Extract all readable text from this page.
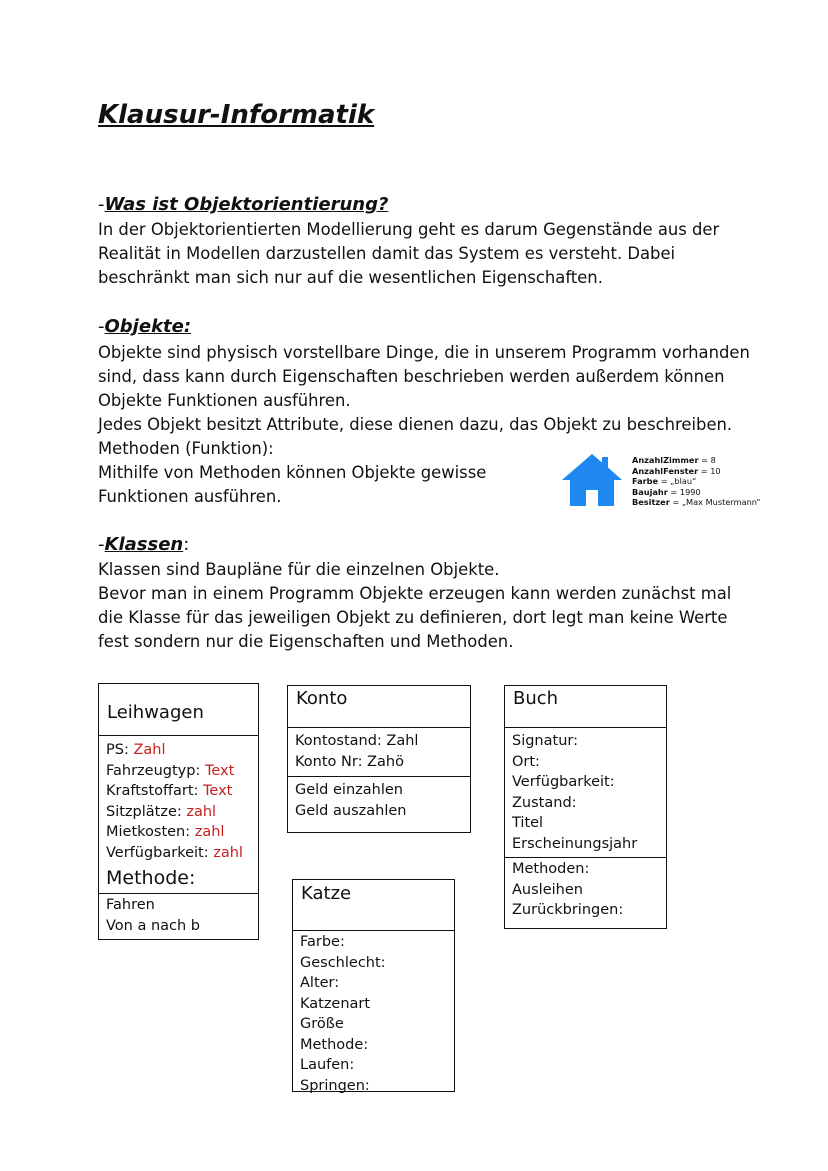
Klausur-Informatik

-Was ist Objektorientierung?

In der Objektorientierten Modellierung geht es darum Gegenstände aus der
Realität in Modellen darzustellen damit das System es versteht. Dabei
beschränkt man sich nur auf die wesentlichen Eigenschaften.

-Objekte:

Objekte sind physisch vorstellbare Dinge, die in unserem Programm vorhanden
sind, dass kann durch Eigenschaften beschrieben werden außerdem können
Objekte Funktionen ausführen.
Jedes Objekt besitzt Attribute, diese dienen dazu, das Objekt zu beschreiben.
Methoden (Funktion):
Mithilfe von Methoden können Objekte gewisse
Funktionen ausführen.
AnzahlZimmer = 8
AnzahlFenster = 10
Farbe = „blau“
Baujahr = 1990
Besitzer = „Max Mustermann“

-Klassen:

Klassen sind Baupläne für die einzelnen Objekte.
Bevor man in einem Programm Objekte erzeugen kann werden zunächst mal
die Klasse für das jeweiligen Objekt zu definieren, dort legt man keine Werte
fest sondern nur die Eigenschaften und Methoden.
Leihwagen
PS: Zahl
Fahrzeugtyp: Text
Kraftstoffart: Text
Sitzplätze: zahl
Mietkosten: zahl
Verfügbarkeit: zahl
Methode:
Fahren
Von a nach b
Konto
Kontostand: Zahl
Konto Nr: Zahö
Geld einzahlen
Geld auszahlen
Buch
Signatur:
Ort:
Verfügbarkeit:
Zustand:
Titel
Erscheinungsjahr
Methoden:
Ausleihen
Zurückbringen:
Katze
Farbe:
Geschlecht:
Alter:
Katzenart
Größe
Methode:
Laufen:
Springen:
